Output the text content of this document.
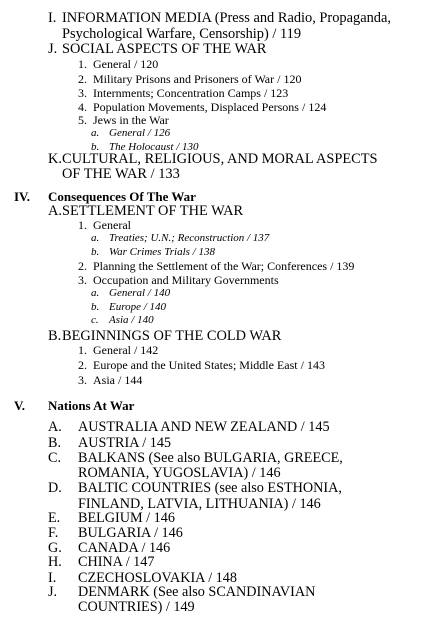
I. INFORMATION MEDIA (Press and Radio, Propaganda,
Psychological Warfare, Censorship) / 119
J. SOCIAL ASPECTS OF THE WAR
1. General / 120
2. Military Prisons and Prisoners of War / 120
3. Internments; Concentration Camps / 123
4. Population Movements, Displaced Persons / 124
5. Jews in the War
a. General / 126
b. The Holocaust / 130
K. CULTURAL, RELIGIOUS, AND MORAL ASPECTS
OF THE WAR / 133
IV. Consequences Of The War
A. SETTLEMENT OF THE WAR
1. General
a. Treaties; U.N.; Reconstruction / 137
b. War Crimes Trials / 138
2. Planning the Settlement of the War; Conferences / 139
3. Occupation and Military Governments
a. General / 140
b. Europe / 140
c. Asia / 140
B. BEGINNINGS OF THE COLD WAR
1. General / 142
2. Europe and the United States; Middle East / 143
3. Asia / 144
V. Nations At War
A. AUSTRALIA AND NEW ZEALAND / 145
B. AUSTRIA / 145
C. BALKANS (See also BULGARIA, GREECE,
ROMANIA, YUGOSLAVIA) / 146
D. BALTIC COUNTRIES (see also ESTHONIA,
FINLAND, LATVIA, LITHUANIA) / 146
E. BELGIUM / 146
F. BULGARIA / 146
G. CANADA / 146
H. CHINA / 147
I. CZECHOSLOVAKIA / 148
J. DENMARK (See also SCANDINAVIAN
COUNTRIES) / 149
